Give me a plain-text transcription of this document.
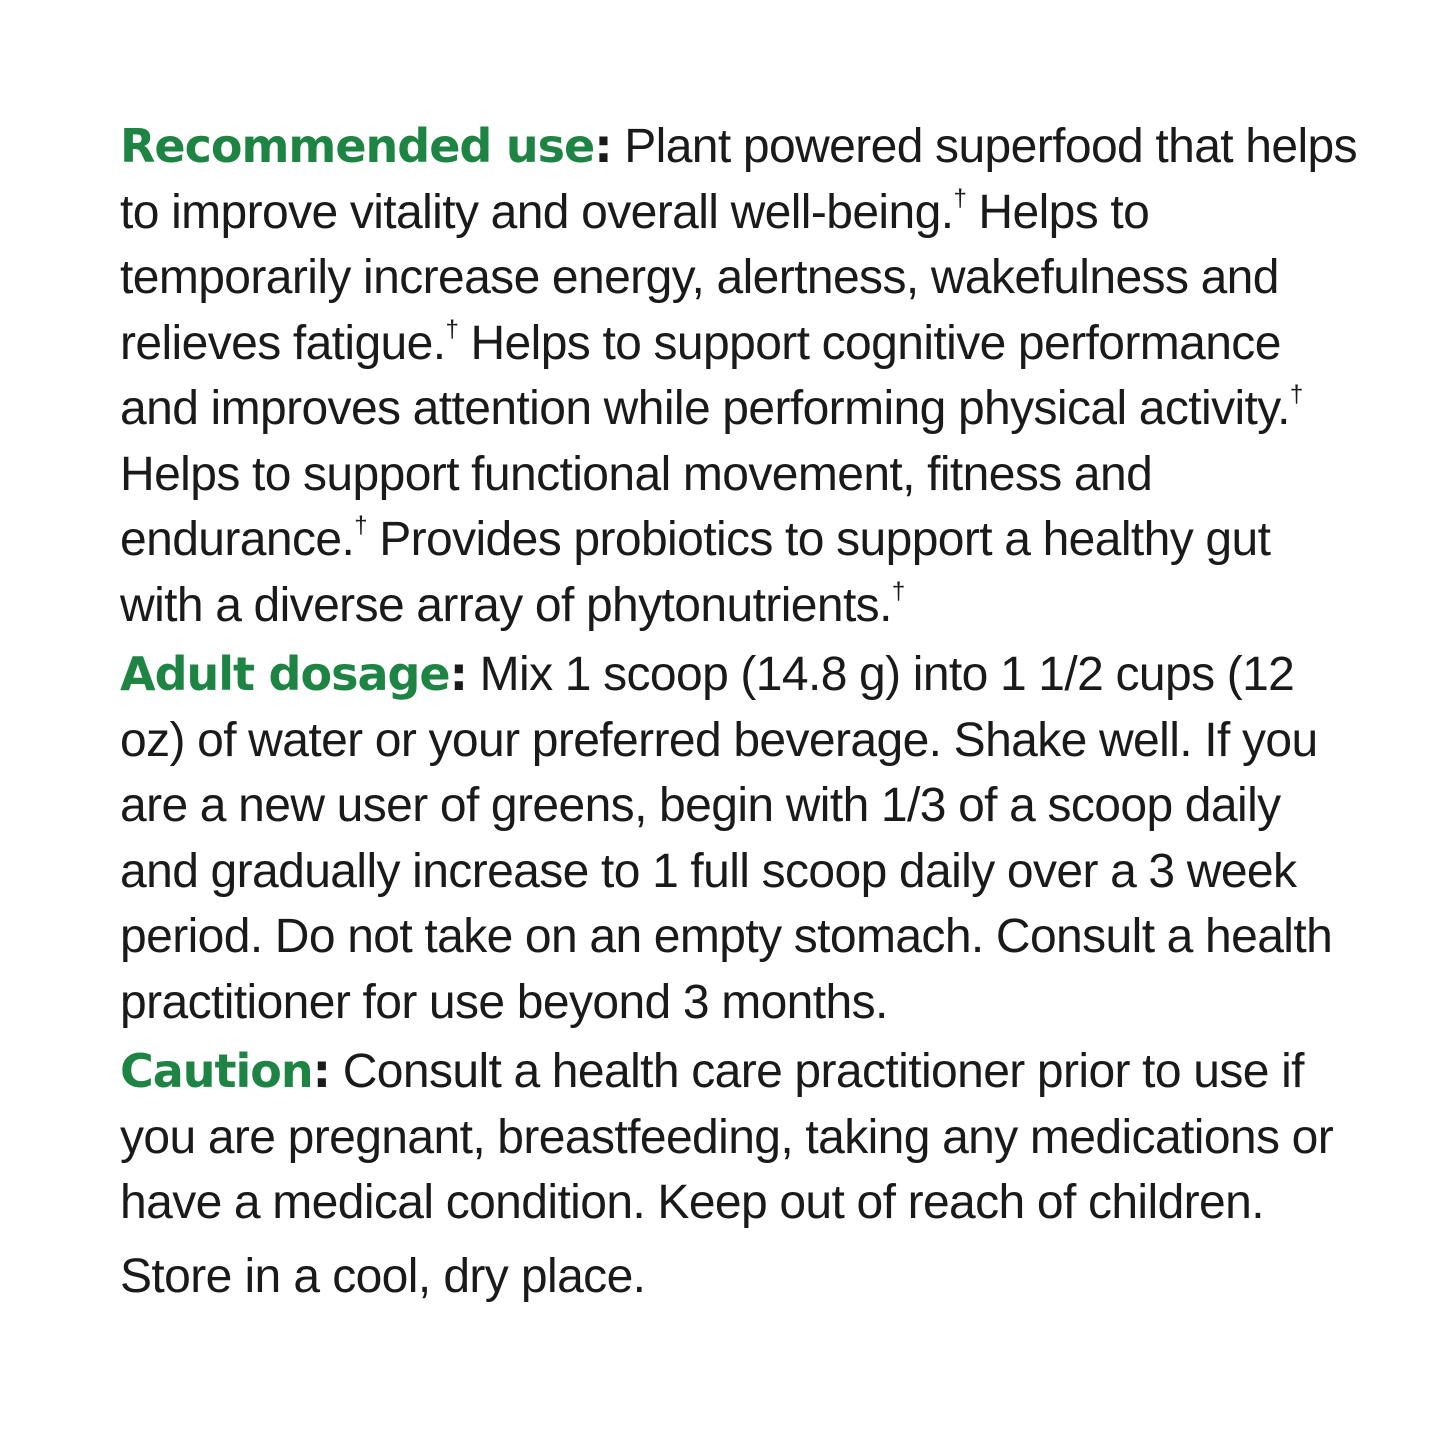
Recommended use: Plant powered superfood that helps to improve vitality and overall well-being.† Helps to temporarily increase energy, alertness, wakefulness and relieves fatigue.† Helps to support cognitive performance and improves attention while performing physical activity.† Helps to support functional movement, fitness and endurance.† Provides probiotics to support a healthy gut with a diverse array of phytonutrients.†

Adult dosage: Mix 1 scoop (14.8 g) into 1 1/2 cups (12 oz) of water or your preferred beverage. Shake well. If you are a new user of greens, begin with 1/3 of a scoop daily and gradually increase to 1 full scoop daily over a 3 week period. Do not take on an empty stomach. Consult a health practitioner for use beyond 3 months.

Caution: Consult a health care practitioner prior to use if you are pregnant, breastfeeding, taking any medications or have a medical condition. Keep out of reach of children.

Store in a cool, dry place.
